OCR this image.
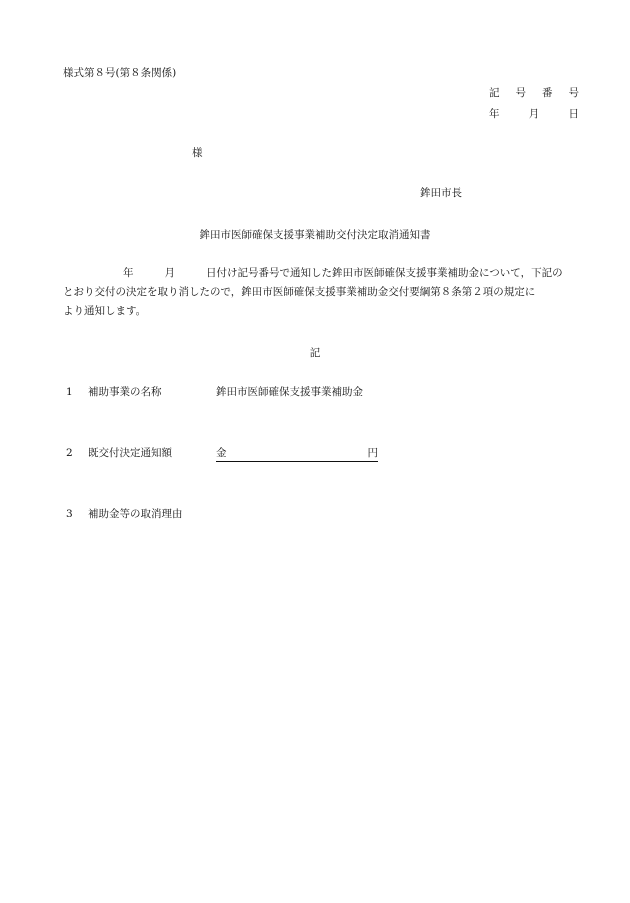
様式第８号(第８条関係)
記 号 番 号
年	月	日
様
鉾田市長
鉾田市医師確保支援事業補助交付決定取消通知書
年	月	日付け記号番号で通知した鉾田市医師確保支援事業補助金について，下記の
とおり交付の決定を取り消したので，鉾田市医師確保支援事業補助金交付要綱第８条第２項の規定に
より通知します。
記
1 補助事業の名称	鉾田市医師確保支援事業補助金
2 既交付決定通知額	金	円
3 補助金等の取消理由
